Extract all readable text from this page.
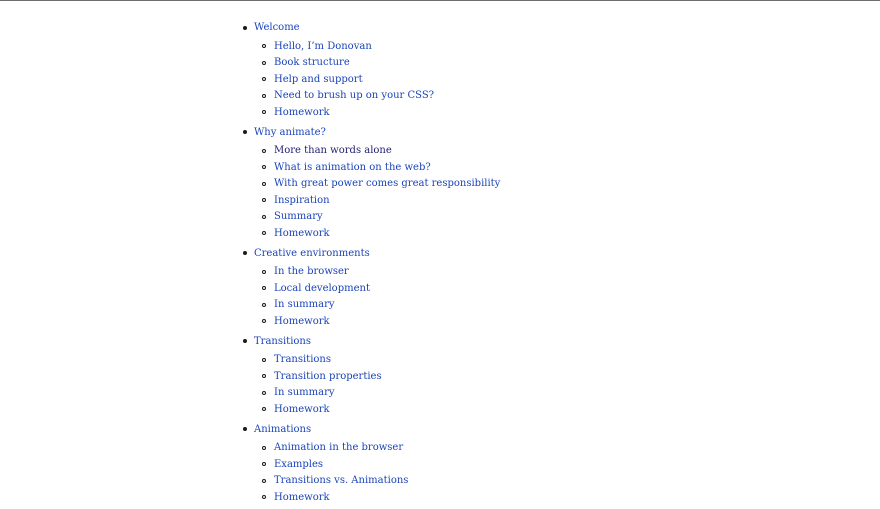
Welcome
Hello, I’m Donovan
Book structure
Help and support
Need to brush up on your CSS?
Homework
Why animate?
More than words alone
What is animation on the web?
With great power comes great responsibility
Inspiration
Summary
Homework
Creative environments
In the browser
Local development
In summary
Homework
Transitions
Transitions
Transition properties
In summary
Homework
Animations
Animation in the browser
Examples
Transitions vs. Animations
Homework
